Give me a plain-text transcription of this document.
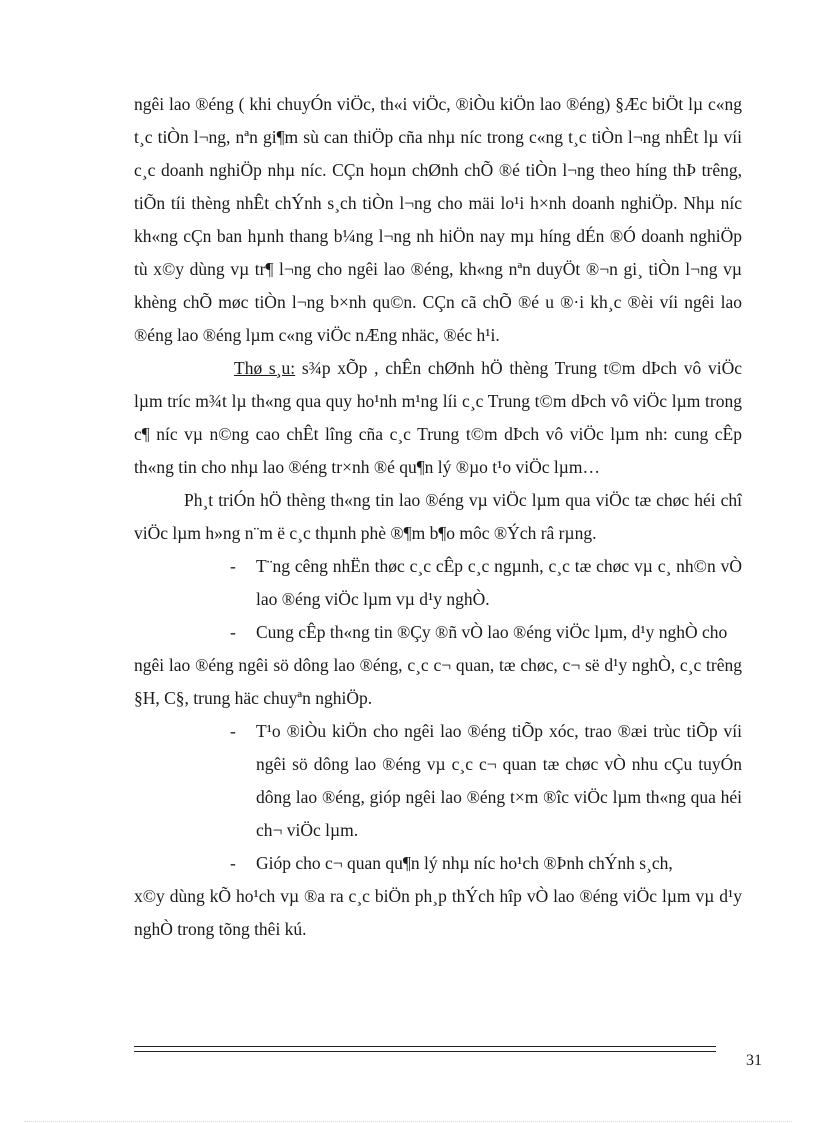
ngêi lao ®éng ( khi chuyÓn viÖc, th«i viÖc, ®iÒu kiÖn lao ®éng) §Æc biÖt lµ c«ng t¸c tiÒn l¬ng, nªn gi¶m sù can thiÖp cña nhµ níc trong c«ng t¸c tiÒn l¬ng nhÊt lµ víi c¸c doanh nghiÖp nhµ níc. CÇn hoµn chØnh chÕ ®é tiÒn l¬ng theo híng thÞ trêng, tiÕn tíi thèng nhÊt chÝnh s¸ch tiÒn l¬ng cho mäi lo¹i h×nh doanh nghiÖp. Nhµ níc kh«ng cÇn ban hµnh thang b¼ng l¬ng nh hiÖn nay mµ híng dÉn ®Ó doanh nghiÖp tù x©y dùng vµ tr¶ l¬ng cho ngêi lao ®éng, kh«ng nªn duyÖt ®¬n gi¸ tiÒn l¬ng vµ khèng chÕ møc tiÒn l¬ng b×nh qu©n. CÇn cã chÕ ®é u ®·i kh¸c ®èi víi ngêi lao ®éng lao ®éng lµm c«ng viÖc nÆng nhäc, ®éc h¹i.

Thø s¸u: s¾p xÕp , chÊn chØnh hÖ thèng Trung t©m dÞch vô viÖc lµm tríc m¾t lµ th«ng qua quy ho¹nh m¹ng líi c¸c Trung t©m dÞch vô viÖc lµm trong c¶ níc vµ n©ng cao chÊt lîng cña c¸c Trung t©m dÞch vô viÖc lµm nh: cung cÊp th«ng tin cho nhµ lao ®éng tr×nh ®é qu¶n lý ®µo t¹o viÖc lµm…

Ph¸t triÓn hÖ thèng th«ng tin lao ®éng vµ viÖc lµm qua viÖc tæ chøc héi chî viÖc lµm h»ng n¨m ë c¸c thµnh phè ®¶m b¶o môc ®Ých râ rµng.

-	T¨ng cêng nhËn thøc c¸c cÊp c¸c ngµnh, c¸c tæ chøc vµ c¸ nh©n vÒ lao ®éng viÖc lµm vµ d¹y nghÒ.
-	Cung cÊp th«ng tin ®Çy ®ñ vÒ lao ®éng viÖc lµm, d¹y nghÒ cho

ngêi lao ®éng ngêi sö dông lao ®éng, c¸c c¬ quan, tæ chøc, c¬ së d¹y nghÒ, c¸c trêng §H, C§, trung häc chuyªn nghiÖp.

-	T¹o ®iÒu kiÖn cho ngêi lao ®éng tiÕp xóc, trao ®æi trùc tiÕp víi ngêi sö dông lao ®éng vµ c¸c c¬ quan tæ chøc vÒ nhu cÇu tuyÓn dông lao ®éng, gióp ngêi lao ®éng t×m ®îc viÖc lµm th«ng qua héi ch¬ viÖc lµm.
-	Gióp cho c¬ quan qu¶n lý nhµ níc ho¹ch ®Þnh chÝnh s¸ch,

x©y dùng kÕ ho¹ch vµ ®a ra c¸c biÖn ph¸p thÝch hîp vÒ lao ®éng viÖc lµm vµ d¹y nghÒ trong tõng thêi kú.

31
